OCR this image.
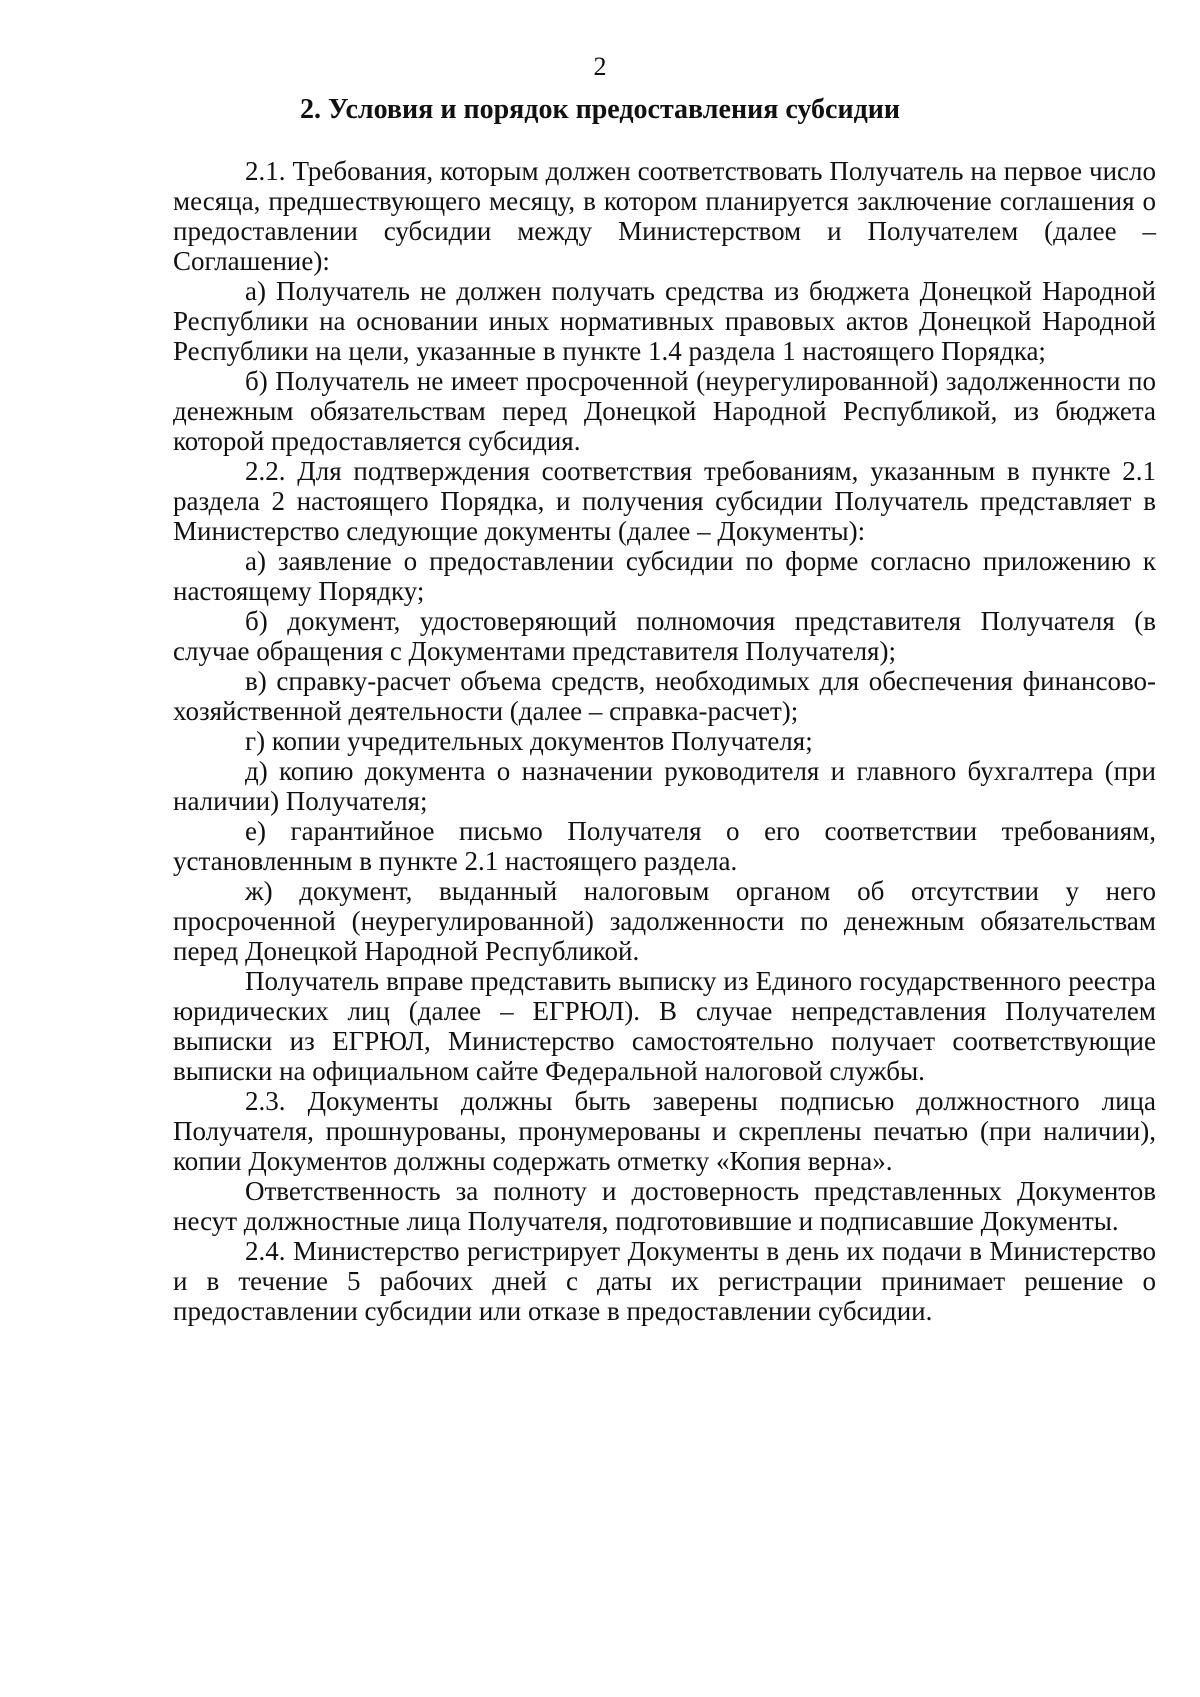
2
2. Условия и порядок предоставления субсидии

2.1. Требования, которым должен соответствовать Получатель на первое число месяца, предшествующего месяцу, в котором планируется заключение соглашения о предоставлении субсидии между Министерством и Получателем (далее – Соглашение):

а) Получатель не должен получать средства из бюджета Донецкой Народной Республики на основании иных нормативных правовых актов Донецкой Народной Республики на цели, указанные в пункте 1.4 раздела 1 настоящего Порядка;

б) Получатель не имеет просроченной (неурегулированной) задолженности по денежным обязательствам перед Донецкой Народной Республикой, из бюджета которой предоставляется субсидия.

2.2. Для подтверждения соответствия требованиям, указанным в пункте 2.1 раздела 2 настоящего Порядка, и получения субсидии Получатель представляет в Министерство следующие документы (далее – Документы):

а) заявление о предоставлении субсидии по форме согласно приложению к настоящему Порядку;

б) документ, удостоверяющий полномочия представителя Получателя (в случае обращения с Документами представителя Получателя);

в) справку-расчет объема средств, необходимых для обеспечения финансово-хозяйственной деятельности (далее – справка-расчет);

г) копии учредительных документов Получателя;

д) копию документа о назначении руководителя и главного бухгалтера (при наличии) Получателя;

е) гарантийное письмо Получателя о его соответствии требованиям, установленным в пункте 2.1 настоящего раздела.

ж) документ, выданный налоговым органом об отсутствии у него просроченной (неурегулированной) задолженности по денежным обязательствам перед Донецкой Народной Республикой.

Получатель вправе представить выписку из Единого государственного реестра юридических лиц (далее – ЕГРЮЛ). В случае непредставления Получателем выписки из ЕГРЮЛ, Министерство самостоятельно получает соответствующие выписки на официальном сайте Федеральной налоговой службы.

2.3. Документы должны быть заверены подписью должностного лица Получателя, прошнурованы, пронумерованы и скреплены печатью (при наличии), копии Документов должны содержать отметку «Копия верна».

Ответственность за полноту и достоверность представленных Документов несут должностные лица Получателя, подготовившие и подписавшие Документы.

2.4. Министерство регистрирует Документы в день их подачи в Министерство и в течение 5 рабочих дней с даты их регистрации принимает решение о предоставлении субсидии или отказе в предоставлении субсидии.
